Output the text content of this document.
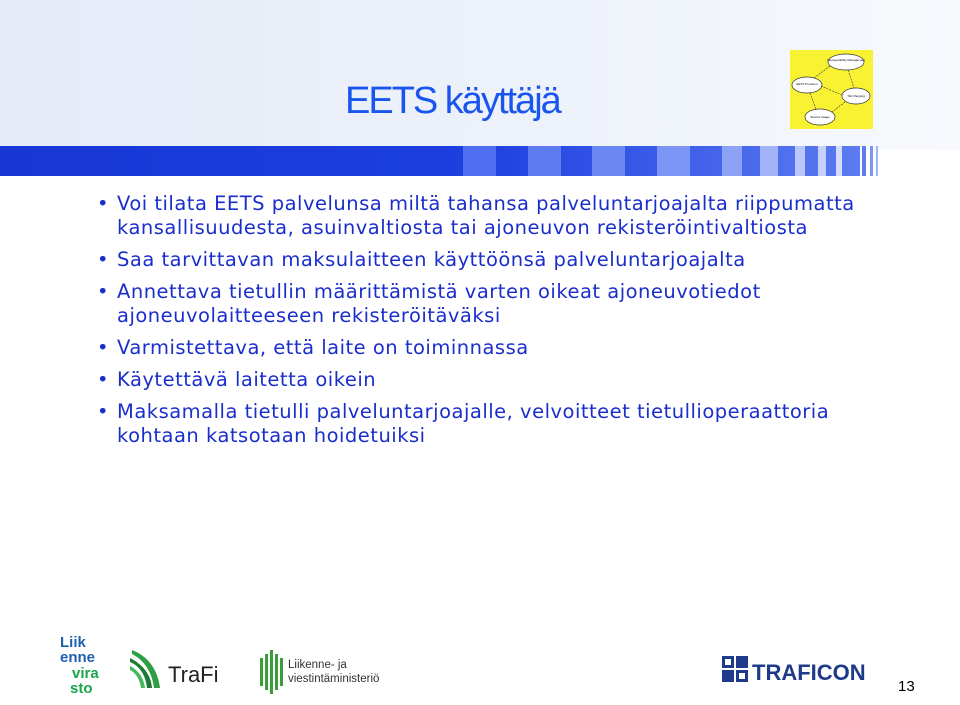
EETS käyttäjä
Interoperability Management
EETS Provision
Toll Charging
Service Usage
• Voi tilata EETS palvelunsa miltä tahansa palveluntarjoajalta riippumatta kansallisuudesta, asuinvaltiosta tai ajoneuvon rekisteröintivaltiosta
• Saa tarvittavan maksulaitteen käyttöönsä palveluntarjoajalta
• Annettava tietullin määrittämistä varten oikeat ajoneuvotiedot ajoneuvolaitteeseen rekisteröitäväksi
• Varmistettava, että laite on toiminnassa
• Käytettävä laitetta oikein
• Maksamalla tietulli palveluntarjoajalle, velvoitteet tietullioperaattoria kohtaan katsotaan hoidetuiksi
Liik
enne
vira
sto
TraFi	Liikenne- ja
viestintäministeriö	TRAFICON
13
